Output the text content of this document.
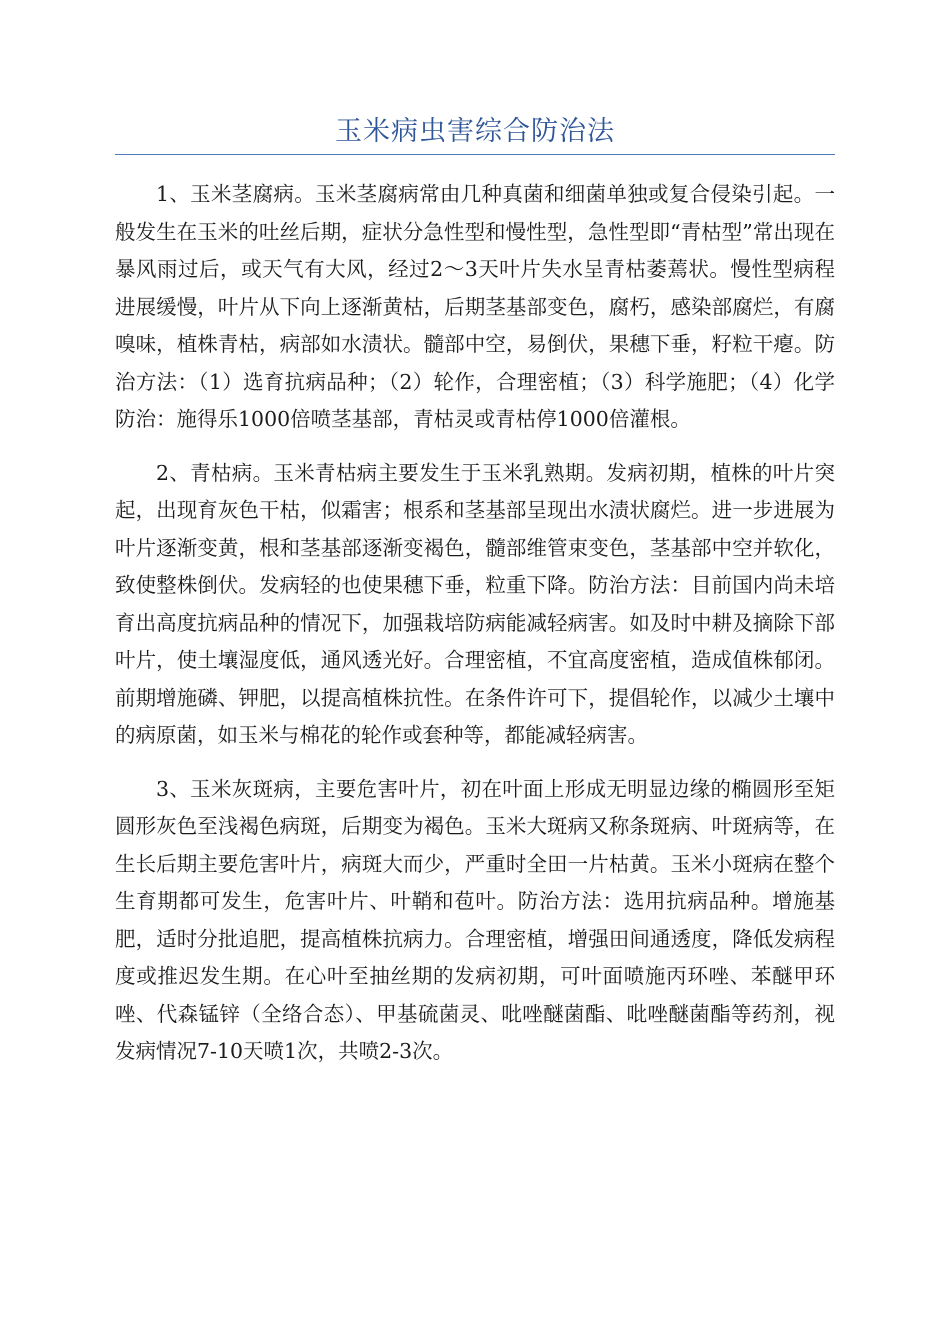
玉米病虫害综合防治法

1、玉米茎腐病。玉米茎腐病常由几种真菌和细菌单独或复合侵染引起。一般发生在玉米的吐丝后期，症状分急性型和慢性型，急性型即“青枯型”常出现在暴风雨过后，或天气有大风，经过2～3天叶片失水呈青枯萎蔫状。慢性型病程进展缓慢，叶片从下向上逐渐黄枯，后期茎基部变色，腐朽，感染部腐烂，有腐嗅味，植株青枯，病部如水渍状。髓部中空，易倒伏，果穗下垂，籽粒干瘪。防治方法：（1）选育抗病品种；（2）轮作，合理密植；（3）科学施肥；（4）化学防治：施得乐1000倍喷茎基部，青枯灵或青枯停1000倍灌根。

2、青枯病。玉米青枯病主要发生于玉米乳熟期。发病初期，植株的叶片突起，出现育灰色干枯，似霜害；根系和茎基部呈现出水渍状腐烂。进一步进展为叶片逐渐变黄，根和茎基部逐渐变褐色，髓部维管束变色，茎基部中空并软化，致使整株倒伏。发病轻的也使果穗下垂，粒重下降。防治方法：目前国内尚未培育出高度抗病品种的情况下，加强栽培防病能减轻病害。如及时中耕及摘除下部叶片，使土壤湿度低，通风透光好。合理密植，不宜高度密植，造成值株郁闭。前期增施磷、钾肥，以提高植株抗性。在条件许可下，提倡轮作，以减少土壤中的病原菌，如玉米与棉花的轮作或套种等，都能减轻病害。

3、玉米灰斑病，主要危害叶片，初在叶面上形成无明显边缘的椭圆形至矩圆形灰色至浅褐色病斑，后期变为褐色。玉米大斑病又称条斑病、叶斑病等，在生长后期主要危害叶片，病斑大而少，严重时全田一片枯黄。玉米小斑病在整个生育期都可发生，危害叶片、叶鞘和苞叶。防治方法：选用抗病品种。增施基肥，适时分批追肥，提高植株抗病力。合理密植，增强田间通透度，降低发病程度或推迟发生期。在心叶至抽丝期的发病初期，可叶面喷施丙环唑、苯醚甲环唑、代森锰锌（全络合态）、甲基硫菌灵、吡唑醚菌酯、吡唑醚菌酯等药剂，视发病情况7-10天喷1次，共喷2-3次。
